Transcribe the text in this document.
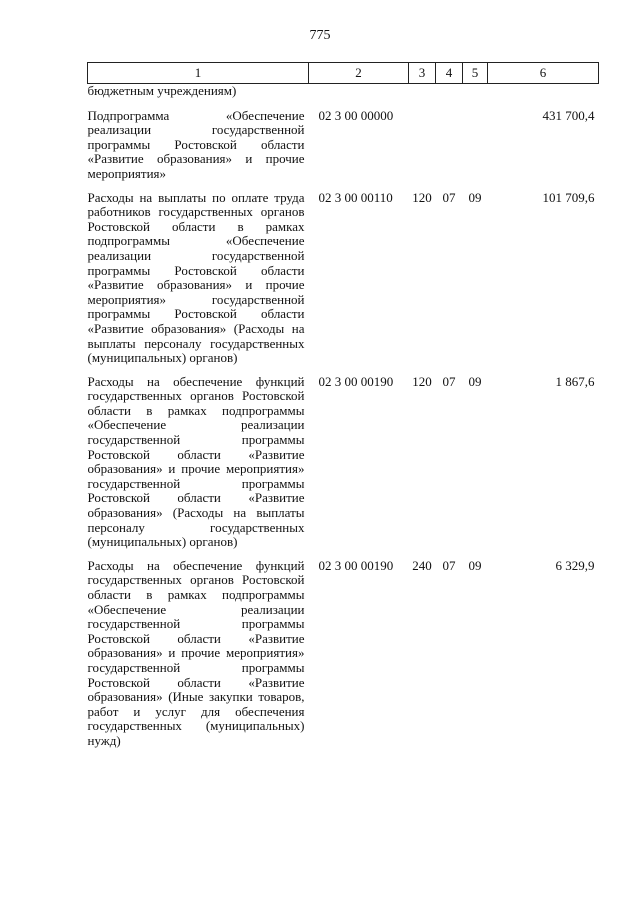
775
1	2	3	4	5	6
бюджетным учреждениям)					
Подпрограмма «Обеспечение реализации государственной программы Ростовской области «Развитие образования» и прочие мероприятия»	02 3 00 00000				431 700,4
Расходы на выплаты по оплате труда работников государственных органов Ростовской области в рамках подпрограммы «Обеспечение реализации государственной программы Ростовской области «Развитие образования» и прочие мероприятия» государственной программы Ростовской области «Развитие образования» (Расходы на выплаты персоналу государственных (муниципальных) органов)	02 3 00 00110	120	07	09	101 709,6
Расходы на обеспечение функций государственных органов Ростовской области в рамках подпрограммы «Обеспечение реализации государственной программы Ростовской области «Развитие образования» и прочие мероприятия» государственной программы Ростовской области «Развитие образования» (Расходы на выплаты персоналу государственных (муниципальных) органов)	02 3 00 00190	120	07	09	1 867,6
Расходы на обеспечение функций государственных органов Ростовской области в рамках подпрограммы «Обеспечение реализации государственной программы Ростовской области «Развитие образования» и прочие мероприятия» государственной программы Ростовской области «Развитие образования» (Иные закупки товаров, работ и услуг для обеспечения государственных (муниципальных) нужд)	02 3 00 00190	240	07	09	6 329,9
